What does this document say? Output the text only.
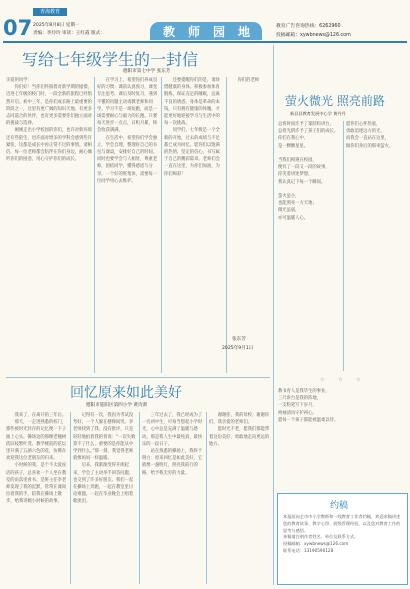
07
青海教育
2025年8月8日 星期一
责编：李玲玲 审读：王红霞 版式：	教 师 园 地	教育广告咨询热线：6262960
投稿邮箱：xywbnews@126.com
写给七年级学生的一封信
德阳市第七中学 张东芳

亲爱的同学：

你们好！当你们怀揣着对新学期的憧憬，迈进七年级的校门时，一段全新的旅程已经悄然开启。初中三年，是你们成长路上最重要的阶段之一，这里有更广阔的知识天地，有更多志同道合的伙伴，也有更多需要你们独立面对的挑战与选择。

刚刚走出小学校园的你们，也许对新环境还有些陌生，也许面对增多的学科会感到些许紧张，这都是成长中再正常不过的事情。请相信，每一位老师都会陪伴在你们身边，耐心倾听你们的困惑，用心守护你们的成长。

在学习上，希望你们养成良好的习惯：课前认真预习，课堂专注思考，课后及时复习，遇到不懂的问题主动请教老师和同学。学习不是一场短跑，而是一场需要耐心与毅力的长跑。只要每天进步一点点，日积月累，终会收获满满。

在生活中，希望你们学会独立，学会自理，整理好自己的书包与课桌，安排好自己的时间。同时也要学会与人相处，尊重老师，团结同学，懂得感恩与分享。一个好的班集体，需要每一位同学用心去维护。

还要提醒你们的是，请珍惜健康的身体。积极参加体育锻炼，保证充足的睡眠，远离不良的诱惑。身体是革命的本钱，只有拥有健康的体魄，才能更好地迎接学习与生活中的每一次挑战。

同学们，七年级是一个全新的开始，过去的成绩与不足都已成为回忆。愿你们以饱满的热情、坚定的信心，书写属于自己的精彩篇章。老师们会一直在这里，为你们加油，为你们喝彩！

你们的老师

张东芳
2025年9月1日
萤火微光 照亮前路
新县县教育发展中心学 黄丹丹
总将时间许予了案牍和讲台，
总将光阴许予了孩子们的成长。
你们在我心中，
是一颗颗星星。
当我们相遇在校园，
便有了一段又一段的故事，
你笑着讲述梦想，
我认真记下每一个瞬间。
萤火虽小，
也能照亮一方天地；
微光虽弱，
亦可温暖人心。
愿你们心怀热爱，
勇敢追逐远方的光，
而我会一直站在这里，
做你们身后的那束萤火。
☆ ☆ ☆
教书育人是我毕生的事业，
三尺讲台是我的阵地，
一支粉笔写下岁月，
两袖清风守护初心。
愿每一个孩子都能被温柔以待。
约稿
本报面向全市中小学教师和一线教育工作者约稿，欢迎来稿讲述您的教育故事、教学心得、班级管理经验，以及您对教育工作的思考与感悟。
来稿请注明作者姓名、单位及联系方式。
投稿邮箱：xywbnews@126.com
联系电话：13190590128
回忆原来如此美好
德阳市旌阳区第四小学 黄诗蕾

我来了，在离开的三年后。

那天，一走进熟悉的校门，那些被时光封存的记忆便一下子涌上心头。操场边的那棵老槐树依旧枝繁叶茂，教学楼前的花坛里开满了五颜六色的花，仿佛在欢迎我这位老朋友的归来。

小时候的我，是个不太爱说话的孩子，总喜欢一个人坐在教室的角落里看书。是班主任李老师发现了我的沉默，常常在课间拉着我的手，陪我在操场上散步，给我讲她小时候的故事。

记得有一次，我因为考试没考好，一个人躲在楼梯间哭。李老师找到了我，没有批评，只是轻轻地拍着我的背说：“一次失败算不了什么，重要的是你能从中学到什么。”那一刻，我觉得老师就像妈妈一样温暖。

后来，我渐渐变得开朗起来，学会了主动举手回答问题，也交到了许多好朋友。我们一起在操场上奔跑，一起在教室里讨论难题，一起在毕业晚会上唱着歌流泪。

三年过去了，我已经成为了一名初中生，可每当想起小学时光，心中总是充满了温暖与感动。那是我人生中最纯真、最快乐的一段日子。

站在熟悉的操场上，我终于明白：原来回忆是如此美好，它就像一盏明灯，照亮我前行的路，给予我无穷的力量。

谢谢你，我的母校；谢谢你们，我亲爱的老师们。

愿时光不老，愿我们都能带着这份美好，勇敢地走向更远的地方。
